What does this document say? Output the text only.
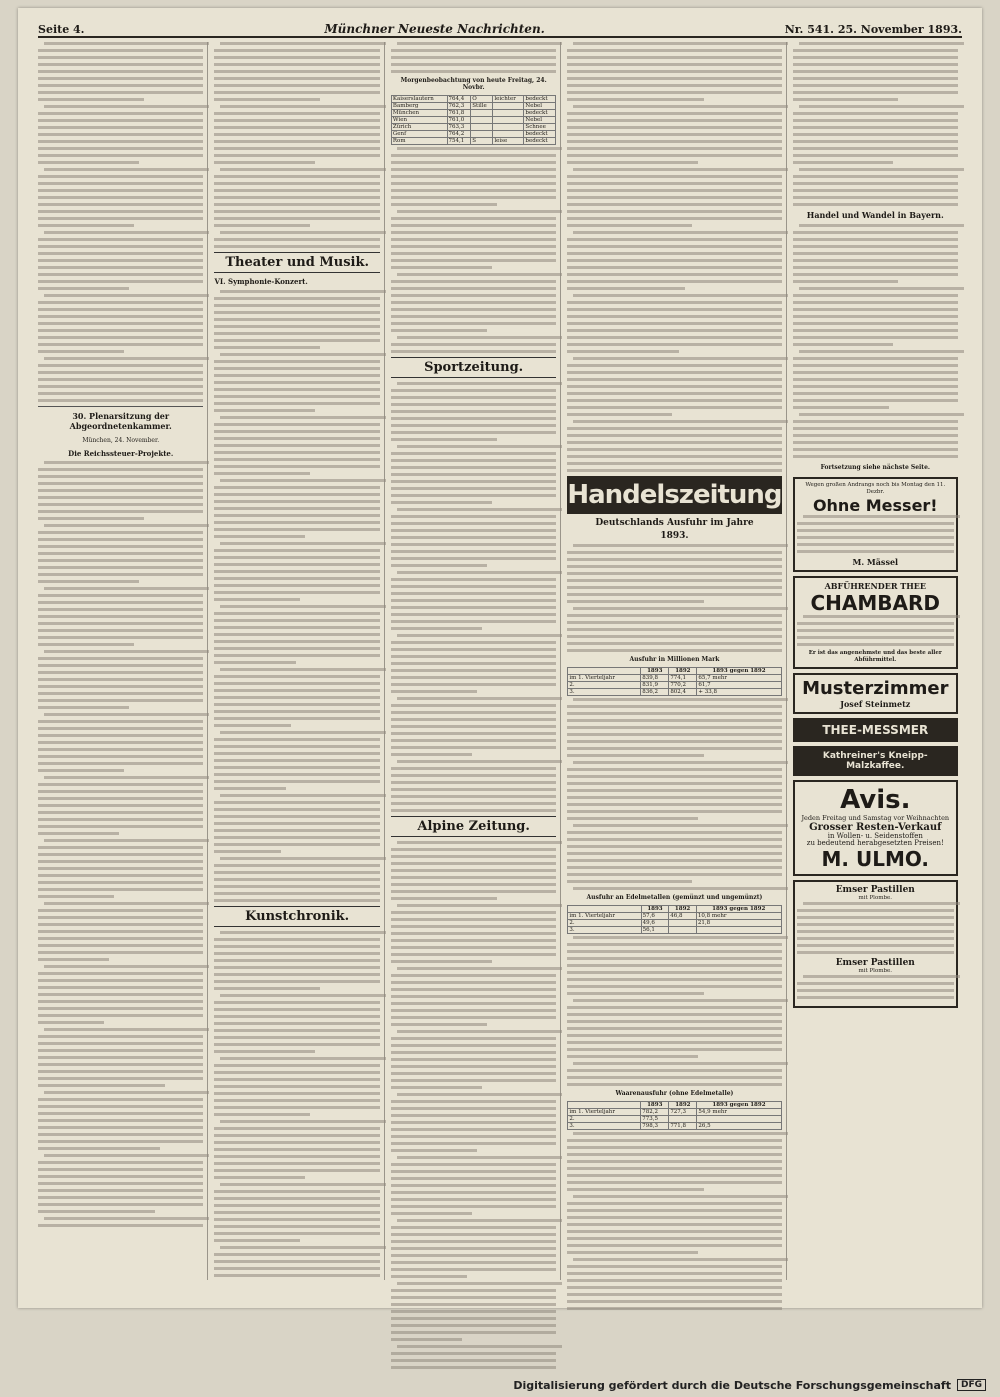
Seite 4.	Münchner Neueste Nachrichten.	Nr. 541. 25. November 1893.
30. Plenarsitzung der Abgeordnetenkammer.
München, 24. November.
Die Reichssteuer-Projekte.
Theater und Musik.
VI. Symphonie-Konzert.
Kunstchronik.
Morgenbeobachtung von heute Freitag, 24. Novbr.
Kaiserslautern	764,4	O	leichter	bedeckt
Bamberg	762,3	Stille		Nebel
München	761,8			bedeckt
Wien	761,0			Nebel
Zürich	763,3			Schnee
Genf	764,2			bedeckt
Rom	754,1	S	leise	bedeckt
Sportzeitung.
Alpine Zeitung.
Handelszeitung
Deutschlands Ausfuhr im Jahre
1893.
Ausfuhr in Millionen Mark
	1893	1892	1893 gegen 1892
im 1. Vierteljahr	839,8	774,1	65,7 mehr
2.	831,9	770,2	61,7
3.	836,2	802,4	+ 33,8
Ausfuhr an Edelmetallen (gemünzt und ungemünzt)
	1893	1892	1893 gegen 1892
im 1. Vierteljahr	57,6	46,8	10,8 mehr
2.	49,6		21,8
3.	56,1		
Waarenausfuhr (ohne Edelmetalle)
	1893	1892	1893 gegen 1892
im 1. Vierteljahr	782,2	727,3	54,9 mehr
2.	773,5		
3.	798,3	771,8	26,5
Handel und Wandel in Bayern.
Fortsetzung siehe nächste Seite.
Wegen großen Andrangs noch bis Montag den 11. Dezbr.
Ohne Messer!
M. Mässel
ABFÜHRENDER THEE
CHAMBARD
Er ist das angenehmste und das beste aller Abführmittel.
Musterzimmer
Josef Steinmetz
THEE-MESSMER
Kathreiner's Kneipp-Malzkaffee.
Avis.
Jeden Freitag und Samstag vor Weihnachten
Grosser Resten-Verkauf
in Wollen- u. Seidenstoffen
zu bedeutend herabgesetzten Preisen!
M. ULMO.
Emser Pastillen
mit Plombe.
Emser Pastillen
mit Plombe.
Digitalisierung gefördert durch die Deutsche Forschungsgemeinschaft	DFG
